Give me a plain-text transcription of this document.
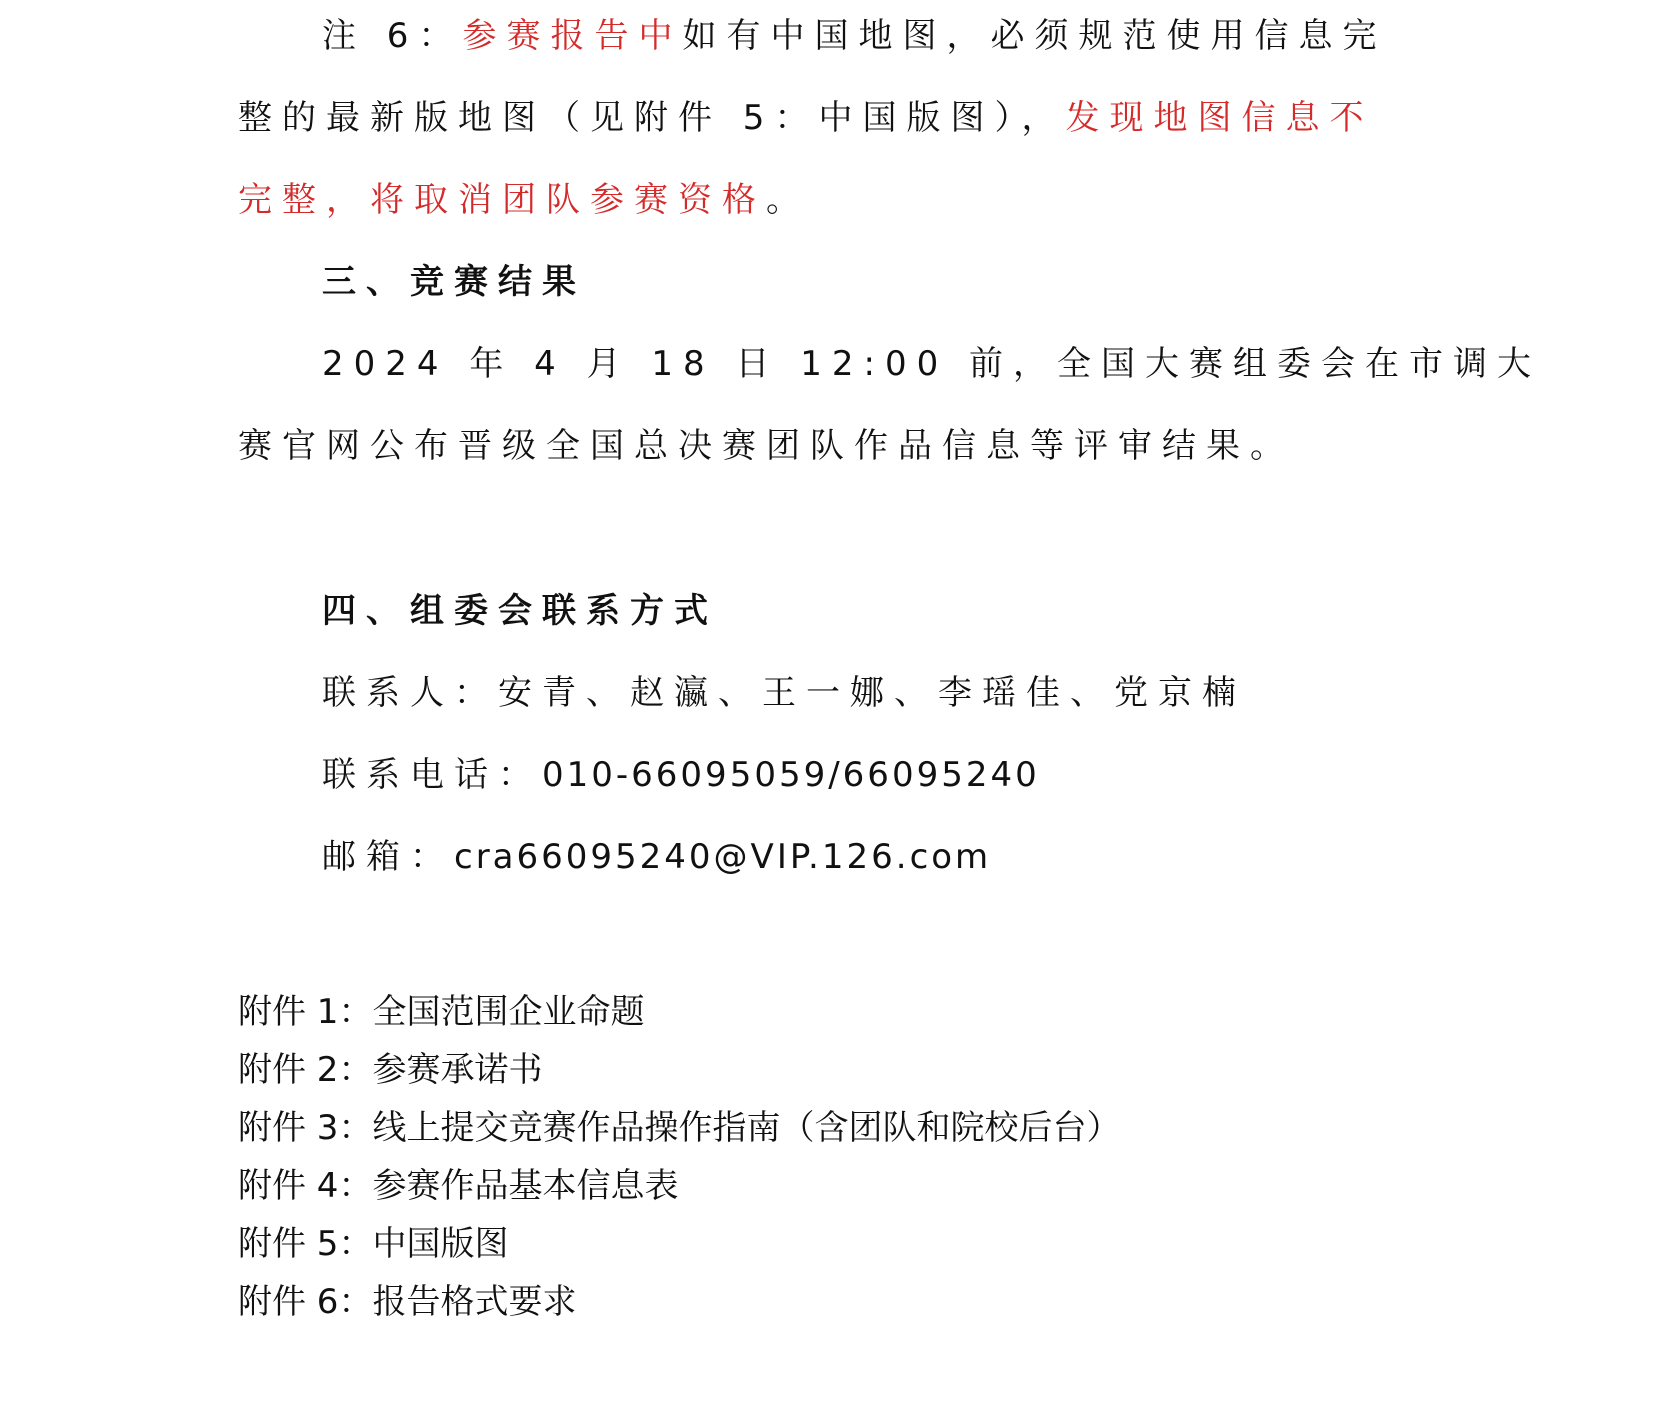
注 6：参赛报告中如有中国地图，必须规范使用信息完
整的最新版地图（见附件 5：中国版图），发现地图信息不
完整，将取消团队参赛资格。
三、竞赛结果
2024 年 4 月 18 日 12:00 前，全国大赛组委会在市调大
赛官网公布晋级全国总决赛团队作品信息等评审结果。
四、组委会联系方式
联系人：安青、赵瀛、王一娜、李瑶佳、党京楠
联系电话：010-66095059/66095240
邮箱：cra66095240@VIP.126.com
附件 1：全国范围企业命题
附件 2：参赛承诺书
附件 3：线上提交竞赛作品操作指南（含团队和院校后台）
附件 4：参赛作品基本信息表
附件 5：中国版图
附件 6：报告格式要求
